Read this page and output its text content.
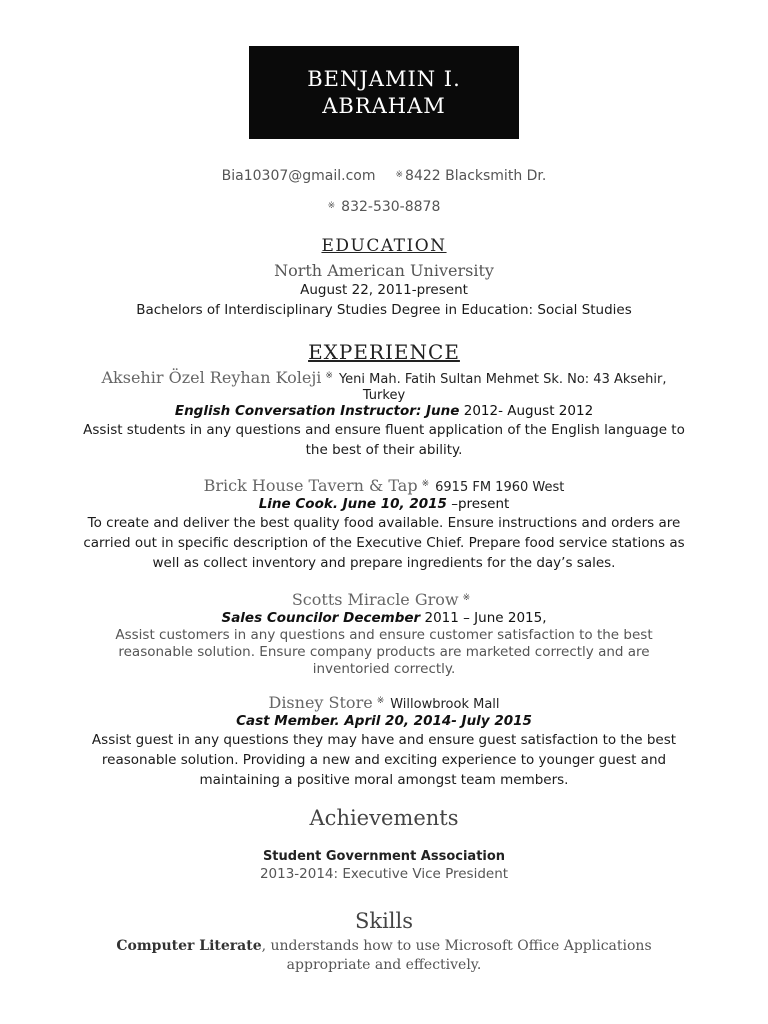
BENJAMIN I.
ABRAHAM
Bia10307@gmail.com ※ 8422 Blacksmith Dr.
※ 832-530-8878
EDUCATION
North American University
August 22, 2011-present
Bachelors of Interdisciplinary Studies Degree in Education: Social Studies
EXPERIENCE
Aksehir Özel Reyhan Koleji ※ Yeni Mah. Fatih Sultan Mehmet Sk. No: 43 Aksehir,
Turkey
English Conversation Instructor: June 2012- August 2012
Assist students in any questions and ensure fluent application of the English language to
the best of their ability.
Brick House Tavern & Tap ※ 6915 FM 1960 West
Line Cook. June 10, 2015 –present
To create and deliver the best quality food available. Ensure instructions and orders are
carried out in specific description of the Executive Chief. Prepare food service stations as
well as collect inventory and prepare ingredients for the day’s sales.
Scotts Miracle Grow ※
Sales Councilor December 2011 – June 2015,
Assist customers in any questions and ensure customer satisfaction to the best
reasonable solution. Ensure company products are marketed correctly and are
inventoried correctly.
Disney Store ※ Willowbrook Mall
Cast Member. April 20, 2014- July 2015
Assist guest in any questions they may have and ensure guest satisfaction to the best
reasonable solution. Providing a new and exciting experience to younger guest and
maintaining a positive moral amongst team members.
Achievements
Student Government Association
2013-2014: Executive Vice President
Skills
Computer Literate, understands how to use Microsoft Office Applications
appropriate and effectively.
